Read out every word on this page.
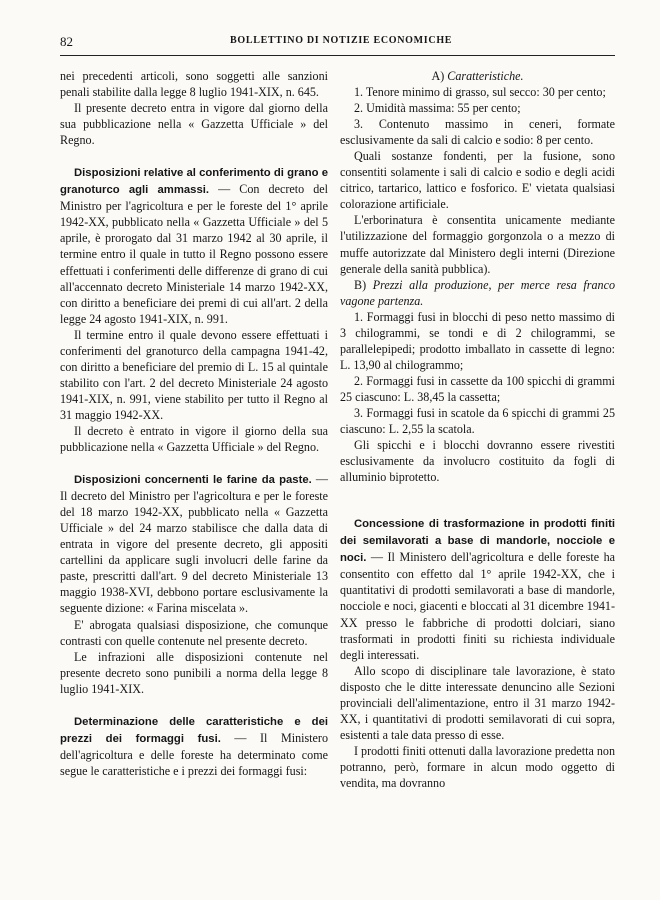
82	BOLLETTINO DI NOTIZIE ECONOMICHE

nei precedenti articoli, sono soggetti alle sanzioni penali stabilite dalla legge 8 luglio 1941-XIX, n. 645.

Il presente decreto entra in vigore dal giorno della sua pubblicazione nella « Gazzetta Ufficiale » del Regno.

Disposizioni relative al conferimento di grano e granoturco agli ammassi. — Con decreto del Ministro per l'agricoltura e per le foreste del 1° aprile 1942-XX, pubblicato nella « Gazzetta Ufficiale » del 5 aprile, è prorogato dal 31 marzo 1942 al 30 aprile, il termine entro il quale in tutto il Regno possono essere effettuati i conferimenti delle differenze di grano di cui all'accennato decreto Ministeriale 14 marzo 1942-XX, con diritto a beneficiare dei premi di cui all'art. 2 della legge 24 agosto 1941-XIX, n. 991.

Il termine entro il quale devono essere effettuati i conferimenti del granoturco della campagna 1941-42, con diritto a beneficiare del premio di L. 15 al quintale stabilito con l'art. 2 del decreto Ministeriale 24 agosto 1941-XIX, n. 991, viene stabilito per tutto il Regno al 31 maggio 1942-XX.

Il decreto è entrato in vigore il giorno della sua pubblicazione nella « Gazzetta Ufficiale » del Regno.

Disposizioni concernenti le farine da paste. — Il decreto del Ministro per l'agricoltura e per le foreste del 18 marzo 1942-XX, pubblicato nella « Gazzetta Ufficiale » del 24 marzo stabilisce che dalla data di entrata in vigore del presente decreto, gli appositi cartellini da applicare sugli involucri delle farine da paste, prescritti dall'art. 9 del decreto Ministeriale 13 maggio 1938-XVI, debbono portare esclusivamente la seguente dizione: « Farina miscelata ».

E' abrogata qualsiasi disposizione, che comunque contrasti con quelle contenute nel presente decreto.

Le infrazioni alle disposizioni contenute nel presente decreto sono punibili a norma della legge 8 luglio 1941-XIX.

Determinazione delle caratteristiche e dei prezzi dei formaggi fusi. — Il Ministero dell'agricoltura e delle foreste ha determinato come segue le caratteristiche e i prezzi dei formaggi fusi:

A) Caratteristiche.

1. Tenore minimo di grasso, sul secco: 30 per cento;

2. Umidità massima: 55 per cento;

3. Contenuto massimo in ceneri, formate esclusivamente da sali di calcio e sodio: 8 per cento.

Quali sostanze fondenti, per la fusione, sono consentiti solamente i sali di calcio e sodio e degli acidi citrico, tartarico, lattico e fosforico. E' vietata qualsiasi colorazione artificiale.

L'erborinatura è consentita unicamente mediante l'utilizzazione del formaggio gorgonzola o a mezzo di muffe autorizzate dal Ministero degli interni (Direzione generale della sanità pubblica).

B) Prezzi alla produzione, per merce resa franco vagone partenza.

1. Formaggi fusi in blocchi di peso netto massimo di 3 chilogrammi, se tondi e di 2 chilogrammi, se parallelepipedi; prodotto imballato in cassette di legno: L. 13,90 al chilogrammo;

2. Formaggi fusi in cassette da 100 spicchi di grammi 25 ciascuno: L. 38,45 la cassetta;

3. Formaggi fusi in scatole da 6 spicchi di grammi 25 ciascuno: L. 2,55 la scatola.

Gli spicchi e i blocchi dovranno essere rivestiti esclusivamente da involucro costituito da fogli di alluminio biprotetto.

Concessione di trasformazione in prodotti finiti dei semilavorati a base di mandorle, nocciole e noci. — Il Ministero dell'agricoltura e delle foreste ha consentito con effetto dal 1° aprile 1942-XX, che i quantitativi di prodotti semilavorati a base di mandorle, nocciole e noci, giacenti e bloccati al 31 dicembre 1941-XX presso le fabbriche di prodotti dolciari, siano trasformati in prodotti finiti su richiesta individuale degli interessati.

Allo scopo di disciplinare tale lavorazione, è stato disposto che le ditte interessate denuncino alle Sezioni provinciali dell'alimentazione, entro il 31 marzo 1942-XX, i quantitativi di prodotti semilavorati di cui sopra, esistenti a tale data presso di esse.

I prodotti finiti ottenuti dalla lavorazione predetta non potranno, però, formare in alcun modo oggetto di vendita, ma dovranno
